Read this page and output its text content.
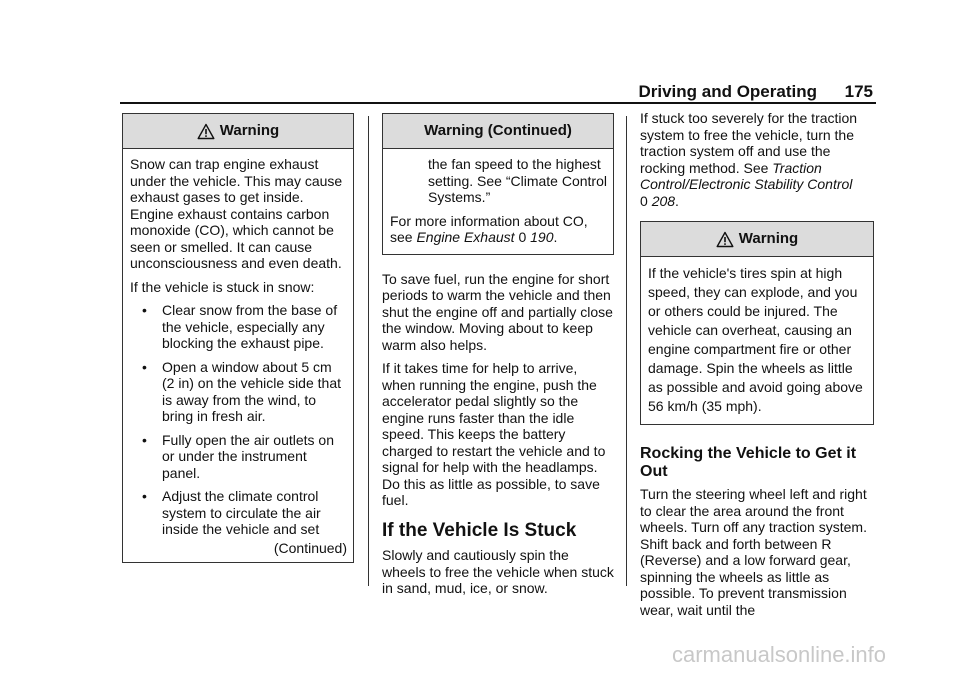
Driving and Operating 175
Warning

Snow can trap engine exhaust under the vehicle. This may cause exhaust gases to get inside. Engine exhaust contains carbon monoxide (CO), which cannot be seen or smelled. It can cause unconsciousness and even death.

If the vehicle is stuck in snow:

• Clear snow from the base of the vehicle, especially any blocking the exhaust pipe.
• Open a window about 5 cm (2 in) on the vehicle side that is away from the wind, to bring in fresh air.
• Fully open the air outlets on or under the instrument panel.
• Adjust the climate control system to circulate the air inside the vehicle and set
(Continued)
Warning (Continued)

the fan speed to the highest setting. See “Climate Control Systems.”

For more information about CO, see Engine Exhaust 0 190.

To save fuel, run the engine for short periods to warm the vehicle and then shut the engine off and partially close the window. Moving about to keep warm also helps.

If it takes time for help to arrive, when running the engine, push the accelerator pedal slightly so the engine runs faster than the idle speed. This keeps the battery charged to restart the vehicle and to signal for help with the headlamps. Do this as little as possible, to save fuel.

If the Vehicle Is Stuck

Slowly and cautiously spin the wheels to free the vehicle when stuck in sand, mud, ice, or snow.

If stuck too severely for the traction system to free the vehicle, turn the traction system off and use the rocking method. See Traction Control/Electronic Stability Control
0 208.

Warning

If the vehicle's tires spin at high speed, they can explode, and you or others could be injured. The vehicle can overheat, causing an engine compartment fire or other damage. Spin the wheels as little as possible and avoid going above 56 km/h (35 mph).

Rocking the Vehicle to Get it Out

Turn the steering wheel left and right to clear the area around the front wheels. Turn off any traction system. Shift back and forth between R (Reverse) and a low forward gear, spinning the wheels as little as possible. To prevent transmission wear, wait until the

carmanualsonline.info
